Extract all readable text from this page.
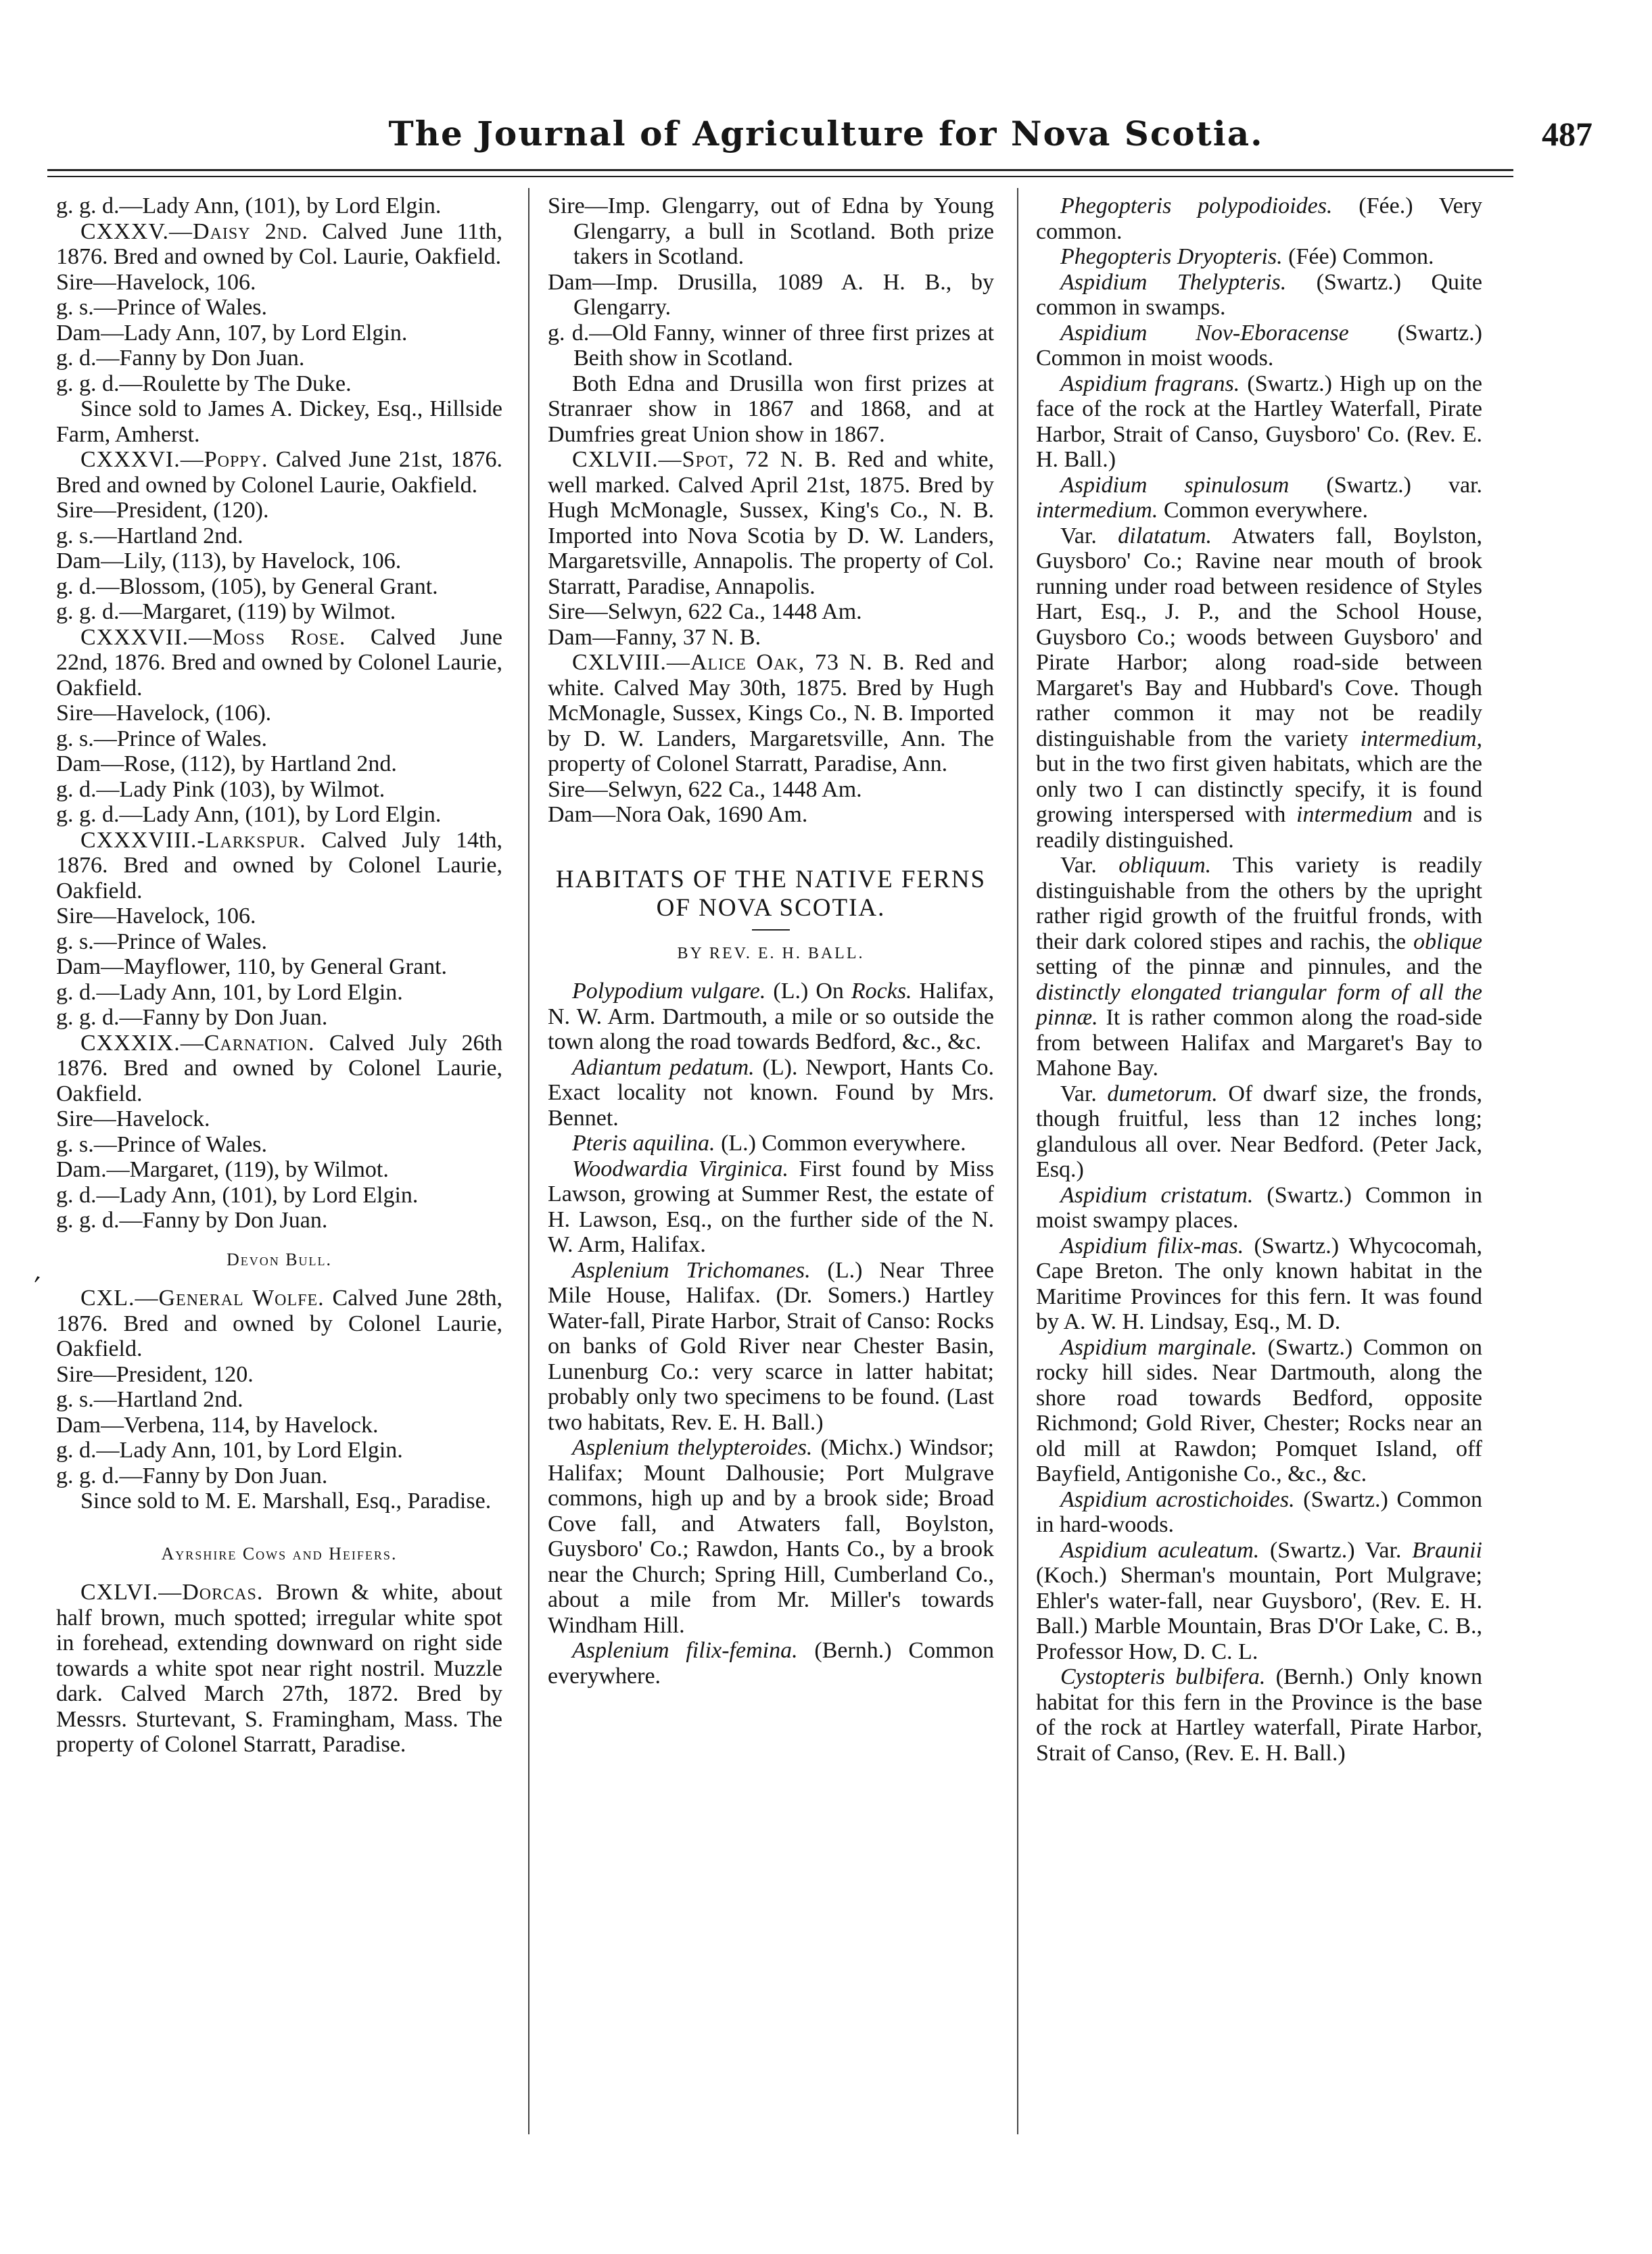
The Journal of Agriculture for Nova Scotia.	487
ʹ

g. g. d.—Lady Ann, (101), by Lord Elgin.

CXXXV.—Daisy 2nd. Calved June 11th, 1876. Bred and owned by Col. Laurie, Oakfield.

Sire—Havelock, 106.

g. s.—Prince of Wales.

Dam—Lady Ann, 107, by Lord Elgin.

g. d.—Fanny by Don Juan.

g. g. d.—Roulette by The Duke.

Since sold to James A. Dickey, Esq., Hillside Farm, Amherst.

CXXXVI.—Poppy. Calved June 21st, 1876. Bred and owned by Colonel Laurie, Oakfield.

Sire—President, (120).

g. s.—Hartland 2nd.

Dam—Lily, (113), by Havelock, 106.

g. d.—Blossom, (105), by General Grant.

g. g. d.—Margaret, (119) by Wilmot.

CXXXVII.—Moss Rose. Calved June 22nd, 1876. Bred and owned by Colonel Laurie, Oakfield.

Sire—Havelock, (106).

g. s.—Prince of Wales.

Dam—Rose, (112), by Hartland 2nd.

g. d.—Lady Pink (103), by Wilmot.

g. g. d.—Lady Ann, (101), by Lord Elgin.

CXXXVIII.-Larkspur. Calved July 14th, 1876. Bred and owned by Colonel Laurie, Oakfield.

Sire—Havelock, 106.

g. s.—Prince of Wales.

Dam—Mayflower, 110, by General Grant.

g. d.—Lady Ann, 101, by Lord Elgin.

g. g. d.—Fanny by Don Juan.

CXXXIX.—Carnation. Calved July 26th 1876. Bred and owned by Colonel Laurie, Oakfield.

Sire—Havelock.

g. s.—Prince of Wales.

Dam.—Margaret, (119), by Wilmot.

g. d.—Lady Ann, (101), by Lord Elgin.

g. g. d.—Fanny by Don Juan.

Devon Bull.

CXL.—General Wolfe. Calved June 28th, 1876. Bred and owned by Colonel Laurie, Oakfield.

Sire—President, 120.

g. s.—Hartland 2nd.

Dam—Verbena, 114, by Havelock.

g. d.—Lady Ann, 101, by Lord Elgin.

g. g. d.—Fanny by Don Juan.

Since sold to M. E. Marshall, Esq., Paradise.

Ayrshire Cows and Heifers.

CXLVI.—Dorcas. Brown & white, about half brown, much spotted; irregular white spot in forehead, extending downward on right side towards a white spot near right nostril. Muzzle dark. Calved March 27th, 1872. Bred by Messrs. Sturtevant, S. Framingham, Mass. The property of Colonel Starratt, Paradise.

Sire—Imp. Glengarry, out of Edna by Young Glengarry, a bull in Scotland. Both prize takers in Scotland.

Dam—Imp. Drusilla, 1089 A. H. B., by Glengarry.

g. d.—Old Fanny, winner of three first prizes at Beith show in Scotland.

Both Edna and Drusilla won first prizes at Stranraer show in 1867 and 1868, and at Dumfries great Union show in 1867.

CXLVII.—Spot, 72 N. B. Red and white, well marked. Calved April 21st, 1875. Bred by Hugh McMonagle, Sussex, King's Co., N. B. Imported into Nova Scotia by D. W. Landers, Margaretsville, Annapolis. The property of Col. Starratt, Paradise, Annapolis.

Sire—Selwyn, 622 Ca., 1448 Am.

Dam—Fanny, 37 N. B.

CXLVIII.—Alice Oak, 73 N. B. Red and white. Calved May 30th, 1875. Bred by Hugh McMonagle, Sussex, Kings Co., N. B. Imported by D. W. Landers, Margaretsville, Ann. The property of Colonel Starratt, Paradise, Ann.

Sire—Selwyn, 622 Ca., 1448 Am.

Dam—Nora Oak, 1690 Am.

HABITATS OF THE NATIVE FERNS OF NOVA SCOTIA.
BY REV. E. H. BALL.

Polypodium vulgare. (L.) On Rocks. Halifax, N. W. Arm. Dartmouth, a mile or so outside the town along the road towards Bedford, &c., &c.

Adiantum pedatum. (L). Newport, Hants Co. Exact locality not known. Found by Mrs. Bennet.

Pteris aquilina. (L.) Common everywhere.

Woodwardia Virginica. First found by Miss Lawson, growing at Summer Rest, the estate of H. Lawson, Esq., on the further side of the N. W. Arm, Halifax.

Asplenium Trichomanes. (L.) Near Three Mile House, Halifax. (Dr. Somers.) Hartley Water-fall, Pirate Harbor, Strait of Canso: Rocks on banks of Gold River near Chester Basin, Lunenburg Co.: very scarce in latter habitat; probably only two specimens to be found. (Last two habitats, Rev. E. H. Ball.)

Asplenium thelypteroides. (Michx.) Windsor; Halifax; Mount Dalhousie; Port Mulgrave commons, high up and by a brook side; Broad Cove fall, and Atwaters fall, Boylston, Guysboro' Co.; Rawdon, Hants Co., by a brook near the Church; Spring Hill, Cumberland Co., about a mile from Mr. Miller's towards Windham Hill.

Asplenium filix-femina. (Bernh.) Common everywhere.

Phegopteris polypodioides. (Fée.) Very common.

Phegopteris Dryopteris. (Fée) Common.

Aspidium Thelypteris. (Swartz.) Quite common in swamps.

Aspidium Nov-Eboracense (Swartz.) Common in moist woods.

Aspidium fragrans. (Swartz.) High up on the face of the rock at the Hartley Waterfall, Pirate Harbor, Strait of Canso, Guysboro' Co. (Rev. E. H. Ball.)

Aspidium spinulosum (Swartz.) var. intermedium. Common everywhere.

Var. dilatatum. Atwaters fall, Boylston, Guysboro' Co.; Ravine near mouth of brook running under road between residence of Styles Hart, Esq., J. P., and the School House, Guysboro Co.; woods between Guysboro' and Pirate Harbor; along road-side between Margaret's Bay and Hubbard's Cove. Though rather common it may not be readily distinguishable from the variety intermedium, but in the two first given habitats, which are the only two I can distinctly specify, it is found growing interspersed with intermedium and is readily distinguished.

Var. obliquum. This variety is readily distinguishable from the others by the upright rather rigid growth of the fruitful fronds, with their dark colored stipes and rachis, the oblique setting of the pinnæ and pinnules, and the distinctly elongated triangular form of all the pinnæ. It is rather common along the road-side from between Halifax and Margaret's Bay to Mahone Bay.

Var. dumetorum. Of dwarf size, the fronds, though fruitful, less than 12 inches long; glandulous all over. Near Bedford. (Peter Jack, Esq.)

Aspidium cristatum. (Swartz.) Common in moist swampy places.

Aspidium filix-mas. (Swartz.) Whycocomah, Cape Breton. The only known habitat in the Maritime Provinces for this fern. It was found by A. W. H. Lindsay, Esq., M. D.

Aspidium marginale. (Swartz.) Common on rocky hill sides. Near Dartmouth, along the shore road towards Bedford, opposite Richmond; Gold River, Chester; Rocks near an old mill at Rawdon; Pomquet Island, off Bayfield, Antigonishe Co., &c., &c.

Aspidium acrostichoides. (Swartz.) Common in hard-woods.

Aspidium aculeatum. (Swartz.) Var. Braunii (Koch.) Sherman's mountain, Port Mulgrave; Ehler's water-fall, near Guysboro', (Rev. E. H. Ball.) Marble Mountain, Bras D'Or Lake, C. B., Professor How, D. C. L.

Cystopteris bulbifera. (Bernh.) Only known habitat for this fern in the Province is the base of the rock at Hartley waterfall, Pirate Harbor, Strait of Canso, (Rev. E. H. Ball.)
